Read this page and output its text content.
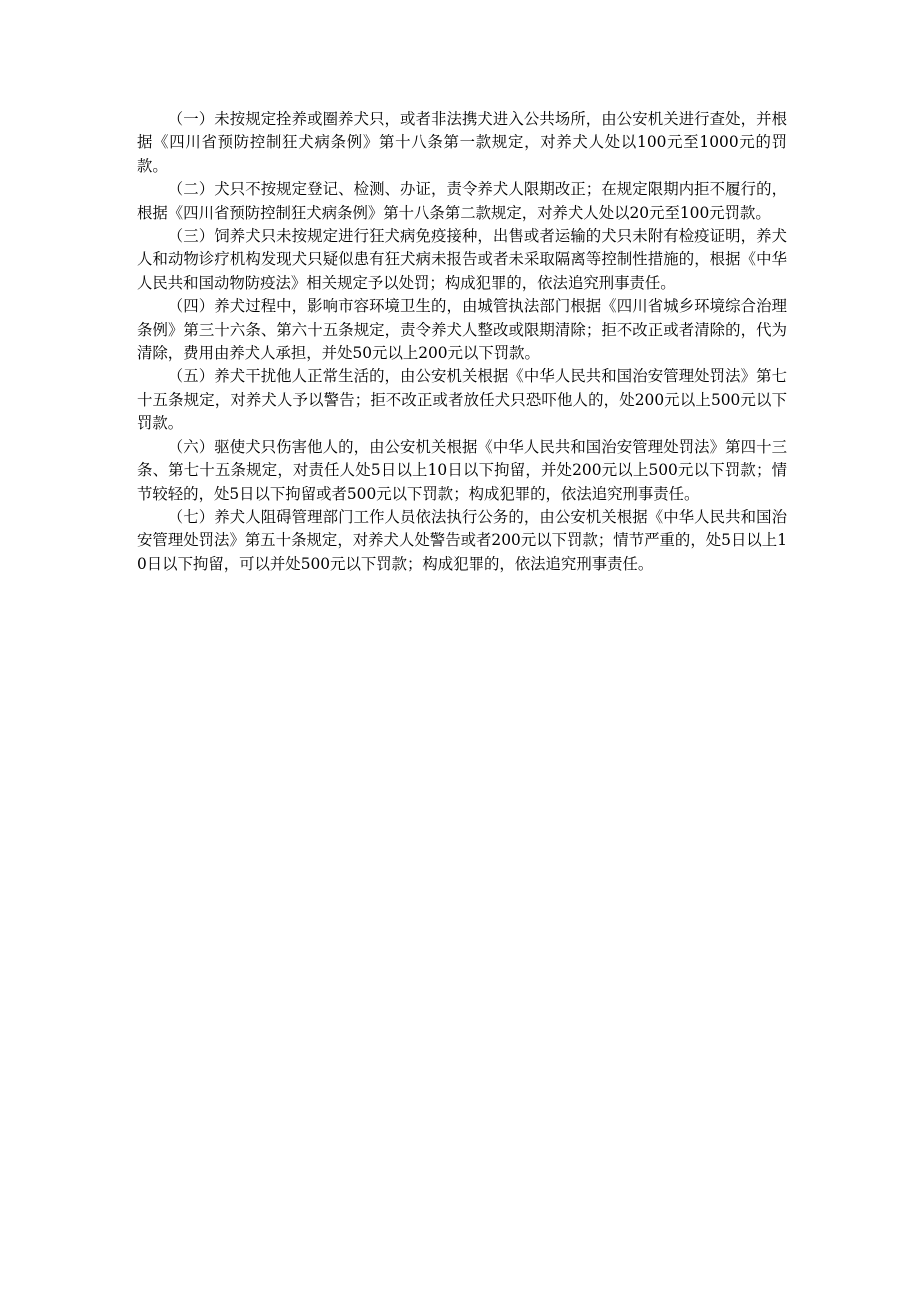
（一）未按规定拴养或圈养犬只，或者非法携犬进入公共场所，由公安机关进行查处，并根据《四川省预防控制狂犬病条例》第十八条第一款规定，对养犬人处以100元至1000元的罚款。

（二）犬只不按规定登记、检测、办证，责令养犬人限期改正；在规定限期内拒不履行的，根据《四川省预防控制狂犬病条例》第十八条第二款规定，对养犬人处以20元至100元罚款。

（三）饲养犬只未按规定进行狂犬病免疫接种，出售或者运输的犬只未附有检疫证明，养犬人和动物诊疗机构发现犬只疑似患有狂犬病未报告或者未采取隔离等控制性措施的，根据《中华人民共和国动物防疫法》相关规定予以处罚；构成犯罪的，依法追究刑事责任。

（四）养犬过程中，影响市容环境卫生的，由城管执法部门根据《四川省城乡环境综合治理条例》第三十六条、第六十五条规定，责令养犬人整改或限期清除；拒不改正或者清除的，代为清除，费用由养犬人承担，并处50元以上200元以下罚款。

（五）养犬干扰他人正常生活的，由公安机关根据《中华人民共和国治安管理处罚法》第七十五条规定，对养犬人予以警告；拒不改正或者放任犬只恐吓他人的，处200元以上500元以下罚款。

（六）驱使犬只伤害他人的，由公安机关根据《中华人民共和国治安管理处罚法》第四十三条、第七十五条规定，对责任人处5日以上10日以下拘留，并处200元以上500元以下罚款；情节较轻的，处5日以下拘留或者500元以下罚款；构成犯罪的，依法追究刑事责任。

（七）养犬人阻碍管理部门工作人员依法执行公务的，由公安机关根据《中华人民共和国治安管理处罚法》第五十条规定，对养犬人处警告或者200元以下罚款；情节严重的，处5日以上10日以下拘留，可以并处500元以下罚款；构成犯罪的，依法追究刑事责任。
